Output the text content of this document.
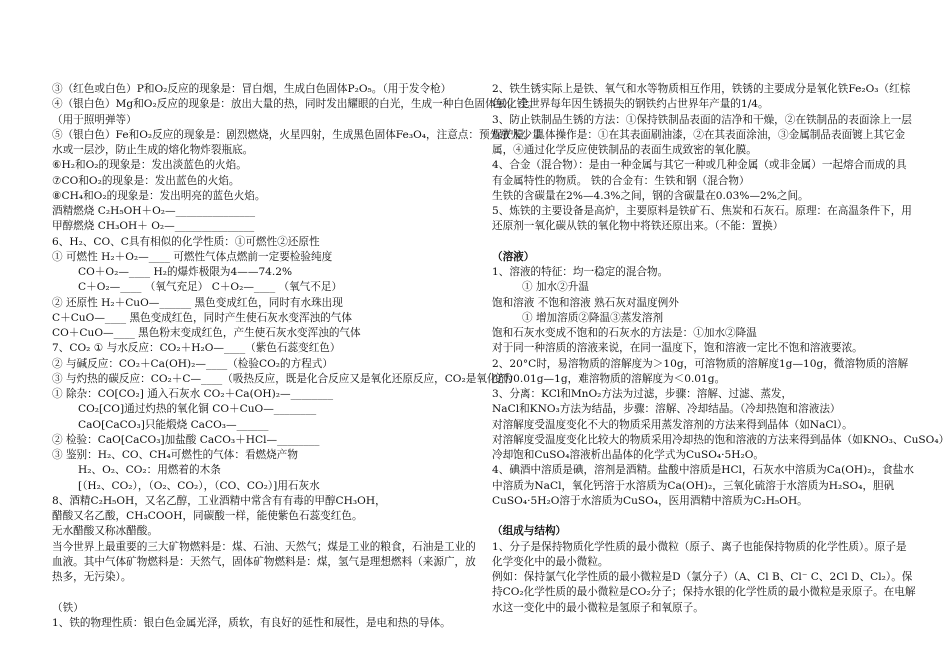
③（红色或白色）P和O₂反应的现象是：冒白烟，生成白色固体P₂O₅。（用于发令枪）
④（银白色）Mg和O₂反应的现象是：放出大量的热，同时发出耀眼的白光，生成一种白色固体氧化镁。
（用于照明弹等）
⑤（银白色）Fe和O₂反应的现象是：剧烈燃烧，火星四射，生成黑色固体Fe₃O₄，注意点：预先放入少量
水或一层沙，防止生成的熔化物炸裂瓶底。
⑥H₂和O₂的现象是：发出淡蓝色的火焰。
⑦CO和O₂的现象是：发出蓝色的火焰。
⑧CH₄和O₂的现象是：发出明亮的蓝色火焰。
酒精燃烧 C₂H₅OH＋O₂—_______________
甲醇燃烧 CH₃OH＋ O₂—_______________
6、H₂、CO、C具有相似的化学性质：①可燃性②还原性
① 可燃性 H₂＋O₂—____ 可燃性气体点燃前一定要检验纯度
CO＋O₂—____ H₂的爆炸极限为4——74.2%
C＋O₂—____ （氧气充足） C＋O₂—____ （氧气不足）
② 还原性 H₂＋CuO—______ 黑色变成红色，同时有水珠出现
C＋CuO—____ 黑色变成红色，同时产生使石灰水变浑浊的气体
CO＋CuO—____ 黑色粉末变成红色，产生使石灰水变浑浊的气体
7、CO₂ ① 与水反应：CO₂＋H₂O—____（紫色石蕊变红色）
② 与碱反应：CO₂＋Ca(OH)₂—____（检验CO₂的方程式）
③ 与灼热的碳反应：CO₂＋C—____（吸热反应，既是化合反应又是氧化还原反应，CO₂是氧化剂）
① 除杂：CO[CO₂] 通入石灰水 CO₂＋Ca(OH)₂—________
CO₂[CO]通过灼热的氧化铜 CO＋CuO—________
CaO[CaCO₃]只能煅烧 CaCO₃—______
② 检验：CaO[CaCO₃]加盐酸 CaCO₃＋HCl—________
③ 鉴别：H₂、CO、CH₄可燃性的气体：看燃烧产物
H₂、O₂、CO₂：用燃着的木条
[（H₂、CO₂），（O₂、CO₂），（CO、CO₂）]用石灰水
8、酒精C₂H₅OH，又名乙醇，工业酒精中常含有有毒的甲醇CH₃OH，
醋酸又名乙酸，CH₃COOH，同碳酸一样，能使紫色石蕊变红色。
无水醋酸又称冰醋酸。
当今世界上最重要的三大矿物燃料是：煤、石油、天然气；煤是工业的粮食，石油是工业的血液。其中气体矿物燃料是：天然气，固体矿物燃料是：煤，氢气是理想燃料（来源广，放热多，无污染）。
（铁）
1、铁的物理性质：银白色金属光泽，质软，有良好的延性和展性，是电和热的导体。
2、铁生锈实际上是铁、氧气和水等物质相互作用，铁锈的主要成分是氧化铁Fe₂O₃（红棕色）。全世界每年因生锈损失的钢铁约占世界年产量的1/4。
3、防止铁制品生锈的方法：①保持铁制品表面的洁净和干燥，②在铁制品的表面涂上一层保护膜。具体操作是：①在其表面刷油漆，②在其表面涂油，③金属制品表面镀上其它金属，④通过化学反应使铁制品的表面生成致密的氧化膜。
4、合金（混合物）：是由一种金属与其它一种或几种金属（或非金属）一起熔合而成的具有金属特性的物质。 铁的合金有：生铁和钢（混合物）
生铁的含碳量在2%—4.3%之间，钢的含碳量在0.03%—2%之间。
5、炼铁的主要设备是高炉，主要原料是铁矿石、焦炭和石灰石。原理：在高温条件下，用还原剂一氧化碳从铁的氧化物中将铁还原出来。（不能：置换）
（溶液）
1、溶液的特征：均一稳定的混合物。
① 加水②升温
饱和溶液 不饱和溶液 熟石灰对温度例外
① 增加溶质②降温③蒸发溶剂
饱和石灰水变成不饱和的石灰水的方法是：①加水②降温
对于同一种溶质的溶液来说，在同一温度下，饱和溶液一定比不饱和溶液要浓。
2、20°C时，易溶物质的溶解度为＞10g，可溶物质的溶解度1g—10g，微溶物质的溶解度为0.01g—1g，难溶物质的溶解度为＜0.01g。
3、分离：KCl和MnO₂方法为过滤，步骤：溶解、过滤、蒸发，
NaCl和KNO₃方法为结晶，步骤：溶解、冷却结晶。（冷却热饱和溶液法）
对溶解度受温度变化不大的物质采用蒸发溶剂的方法来得到晶体（如NaCl）。
对溶解度受温度变化比较大的物质采用冷却热的饱和溶液的方法来得到晶体（如KNO₃、CuSO₄）
冷却饱和CuSO₄溶液析出晶体的化学式为CuSO₄·5H₂O。
4、碘酒中溶质是碘，溶剂是酒精。盐酸中溶质是HCl，石灰水中溶质为Ca(OH)₂，食盐水中溶质为NaCl，氧化钙溶于水溶质为Ca(OH)₂，三氧化硫溶于水溶质为H₂SO₄，胆矾CuSO₄·5H₂O溶于水溶质为CuSO₄，医用酒精中溶质为C₂H₅OH。
（组成与结构）
1、分子是保持物质化学性质的最小微粒（原子、离子也能保持物质的化学性质）。原子是化学变化中的最小微粒。
例如：保持氯气化学性质的最小微粒是D（氯分子）（A、Cl B、Cl⁻ C、2Cl D、Cl₂）。保持CO₂化学性质的最小微粒是CO₂分子；保持水银的化学性质的最小微粒是汞原子。在电解水这一变化中的最小微粒是氢原子和氧原子。
